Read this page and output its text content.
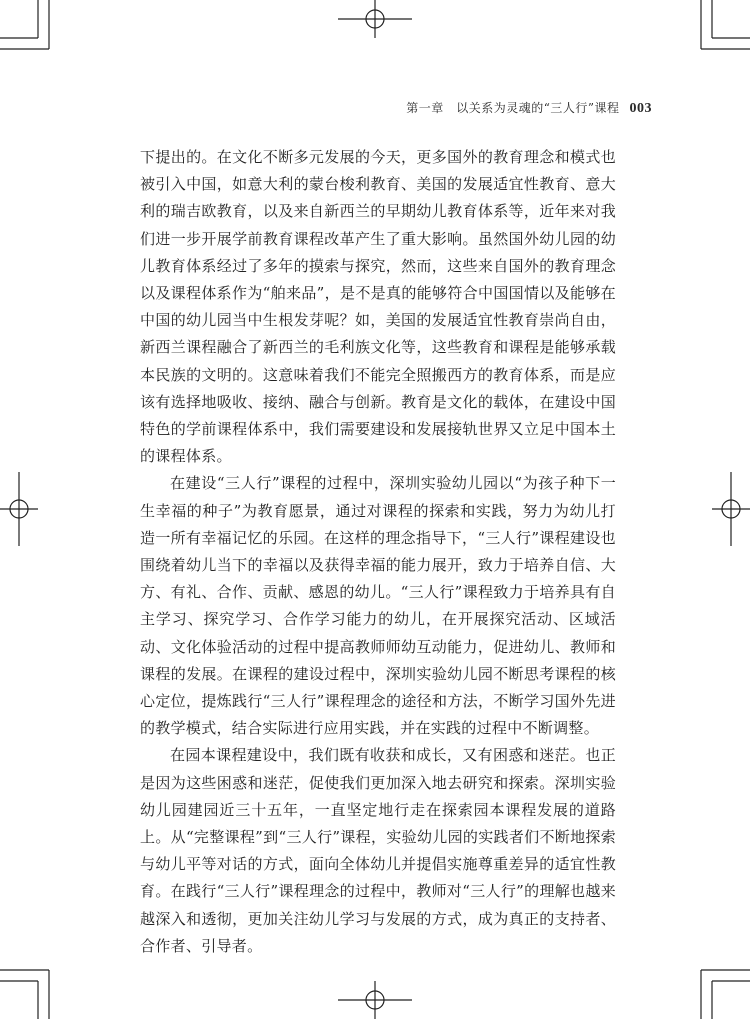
第一章　以关系为灵魂的“三人行”课程 003

下提出的。在文化不断多元发展的今天，更多国外的教育理念和模式也被引入中国，如意大利的蒙台梭利教育、美国的发展适宜性教育、意大利的瑞吉欧教育，以及来自新西兰的早期幼儿教育体系等，近年来对我们进一步开展学前教育课程改革产生了重大影响。虽然国外幼儿园的幼儿教育体系经过了多年的摸索与探究，然而，这些来自国外的教育理念以及课程体系作为“舶来品”，是不是真的能够符合中国国情以及能够在中国的幼儿园当中生根发芽呢？如，美国的发展适宜性教育崇尚自由，新西兰课程融合了新西兰的毛利族文化等，这些教育和课程是能够承载本民族的文明的。这意味着我们不能完全照搬西方的教育体系，而是应该有选择地吸收、接纳、融合与创新。教育是文化的载体，在建设中国特色的学前课程体系中，我们需要建设和发展接轨世界又立足中国本土的课程体系。

在建设“三人行”课程的过程中，深圳实验幼儿园以“为孩子种下一生幸福的种子”为教育愿景，通过对课程的探索和实践，努力为幼儿打造一所有幸福记忆的乐园。在这样的理念指导下，“三人行”课程建设也围绕着幼儿当下的幸福以及获得幸福的能力展开，致力于培养自信、大方、有礼、合作、贡献、感恩的幼儿。“三人行”课程致力于培养具有自主学习、探究学习、合作学习能力的幼儿，在开展探究活动、区域活动、文化体验活动的过程中提高教师师幼互动能力，促进幼儿、教师和课程的发展。在课程的建设过程中，深圳实验幼儿园不断思考课程的核心定位，提炼践行“三人行”课程理念的途径和方法，不断学习国外先进的教学模式，结合实际进行应用实践，并在实践的过程中不断调整。

在园本课程建设中，我们既有收获和成长，又有困惑和迷茫。也正是因为这些困惑和迷茫，促使我们更加深入地去研究和探索。深圳实验幼儿园建园近三十五年，一直坚定地行走在探索园本课程发展的道路上。从“完整课程”到“三人行”课程，实验幼儿园的实践者们不断地探索与幼儿平等对话的方式，面向全体幼儿并提倡实施尊重差异的适宜性教育。在践行“三人行”课程理念的过程中，教师对“三人行”的理解也越来越深入和透彻，更加关注幼儿学习与发展的方式，成为真正的支持者、合作者、引导者。
